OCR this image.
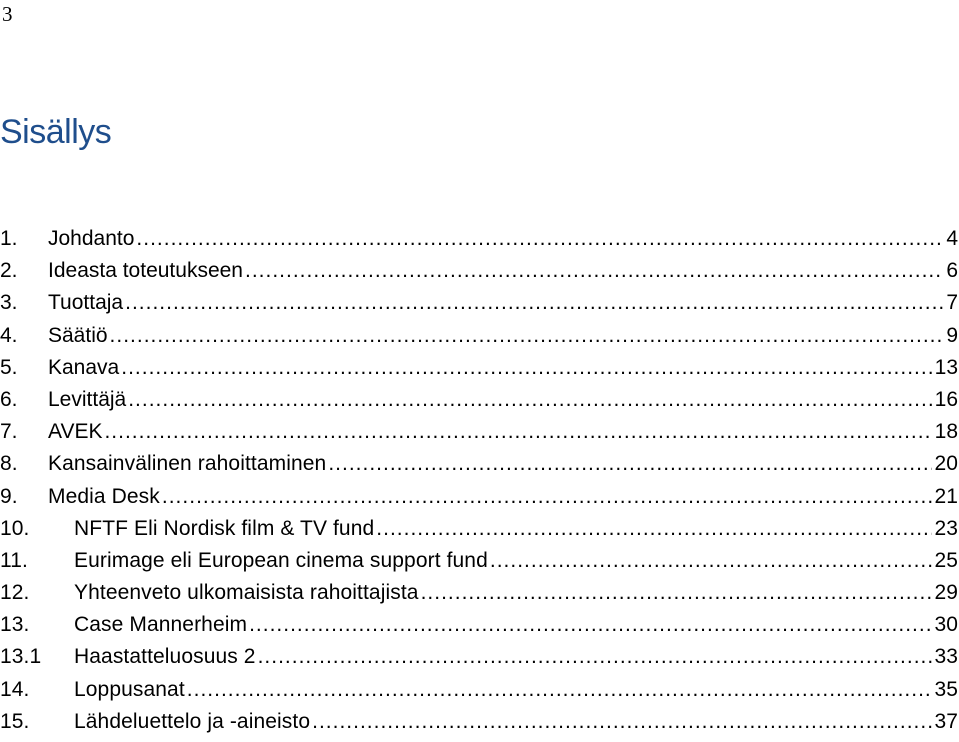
3
Sisällys
1.	Johdanto .....	4
2.	Ideasta toteutukseen .....	6
3.	Tuottaja .....	7
4.	Säätiö .....	9
5.	Kanava .....	13
6.	Levittäjä .....	16
7.	AVEK .....	18
8.	Kansainvälinen rahoittaminen .....	20
9.	Media Desk .....	21
10.	NFTF Eli Nordisk film & TV fund .....	23
11.	Eurimage eli European cinema support fund .....	25
12.	Yhteenveto ulkomaisista rahoittajista .....	29
13.	Case Mannerheim .....	30
13.1	Haastatteluosuus 2 .....	33
14.	Loppusanat .....	35
15.	Lähdeluettelo ja -aineisto .....	37
